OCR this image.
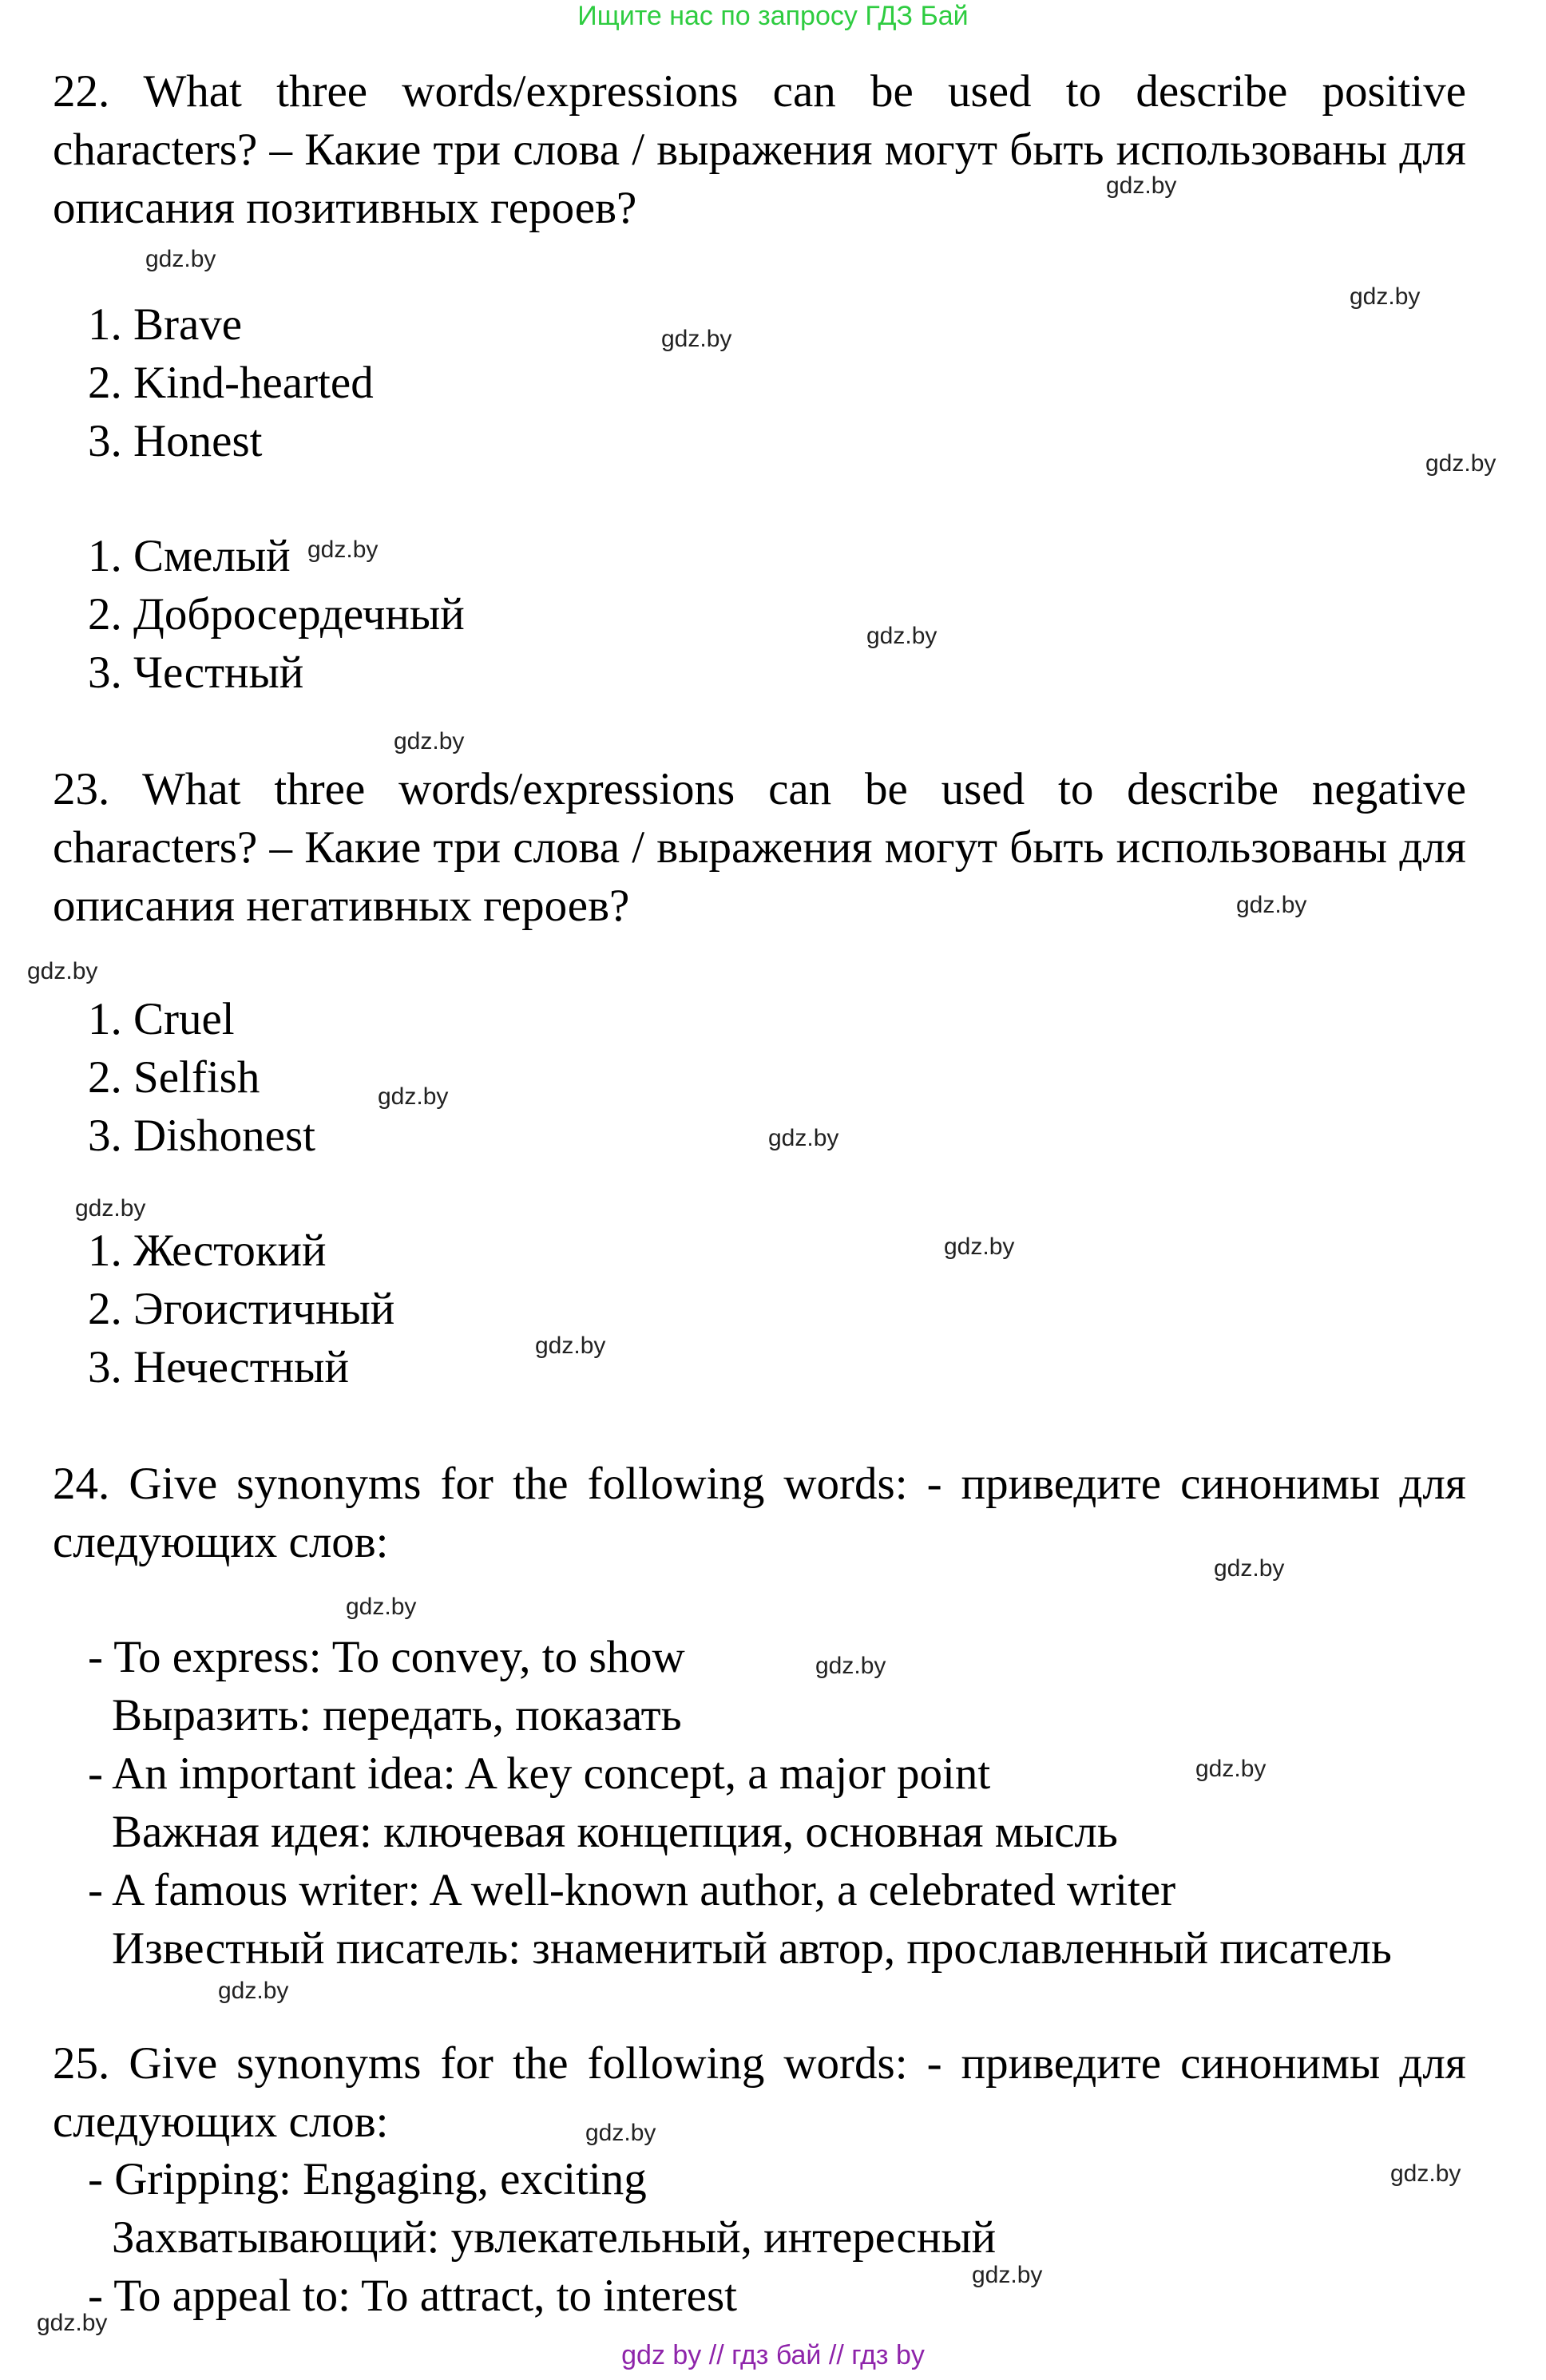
Ищите нас по запросу ГДЗ Бай
22. What three words/expressions can be used to describe positive characters? – Какие три слова / выражения могут быть использованы для описания позитивных героев?
1. Brave
2. Kind-hearted
3. Honest
1. Смелый
2. Добросердечный
3. Честный
23. What three words/expressions can be used to describe negative characters? – Какие три слова / выражения могут быть использованы для описания негативных героев?
1. Cruel
2. Selfish
3. Dishonest
1. Жестокий
2. Эгоистичный
3. Нечестный
24. Give synonyms for the following words: - приведите синонимы для следующих слов:
- To express: To convey, to show
Выразить: передать, показать
- An important idea: A key concept, a major point
Важная идея: ключевая концепция, основная мысль
- A famous writer: A well-known author, a celebrated writer
Известный писатель: знаменитый автор, прославленный писатель
25. Give synonyms for the following words: - приведите синонимы для следующих слов:
- Gripping: Engaging, exciting
Захватывающий: увлекательный, интересный
- To appeal to: To attract, to interest
gdz.by
gdz.by
gdz.by
gdz.by
gdz.by
gdz.by
gdz.by
gdz.by
gdz.by
gdz.by
gdz.by
gdz.by
gdz.by
gdz.by
gdz.by
gdz.by
gdz.by
gdz.by
gdz.by
gdz.by
gdz.by
gdz.by
gdz.by
gdz.by
gdz by // гдз бай // гдз by
